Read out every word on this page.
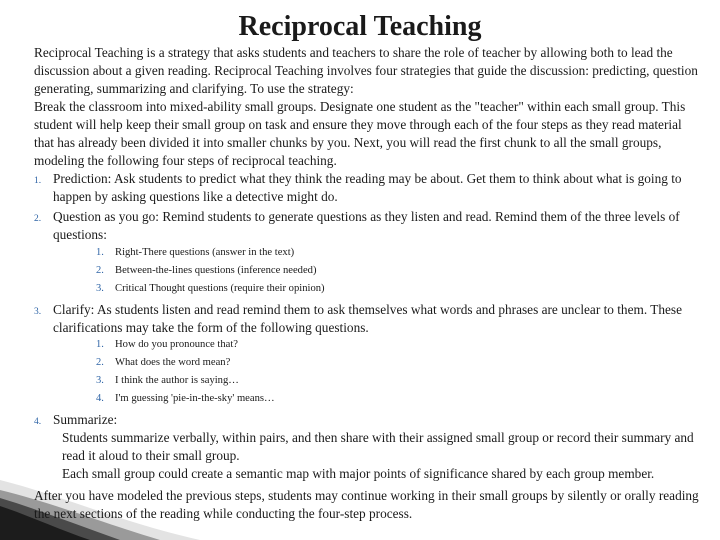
Reciprocal Teaching

Reciprocal Teaching is a strategy that asks students and teachers to share the role of teacher by allowing both to lead the discussion about a given reading. Reciprocal Teaching involves four strategies that guide the discussion: predicting, question generating, summarizing and clarifying. To use the strategy:

Break the classroom into mixed-ability small groups. Designate one student as the "teacher" within each small group. This student will help keep their small group on task and ensure they move through each of the four steps as they read material that has already been divided it into smaller chunks by you. Next, you will read the first chunk to all the small groups, modeling the following four steps of reciprocal teaching.

1. Prediction: Ask students to predict what they think the reading may be about. Get them to think about what is going to happen by asking questions like a detective might do.

2. Question as you go: Remind students to generate questions as they listen and read. Remind them of the three levels of questions:

1.	Right-There questions (answer in the text)

2.	Between-the-lines questions (inference needed)

3.	Critical Thought questions (require their opinion)

3. Clarify: As students listen and read remind them to ask themselves what words and phrases are unclear to them. These clarifications may take the form of the following questions.

1.	How do you pronounce that?

2.	What does the word mean?

3.	I think the author is saying…

4.	I'm guessing 'pie-in-the-sky' means…

4. Summarize:

Students summarize verbally, within pairs, and then share with their assigned small group or record their summary and read it aloud to their small group.

Each small group could create a semantic map with major points of significance shared by each group member.

After you have modeled the previous steps, students may continue working in their small groups by silently or orally reading the next sections of the reading while conducting the four-step process.
